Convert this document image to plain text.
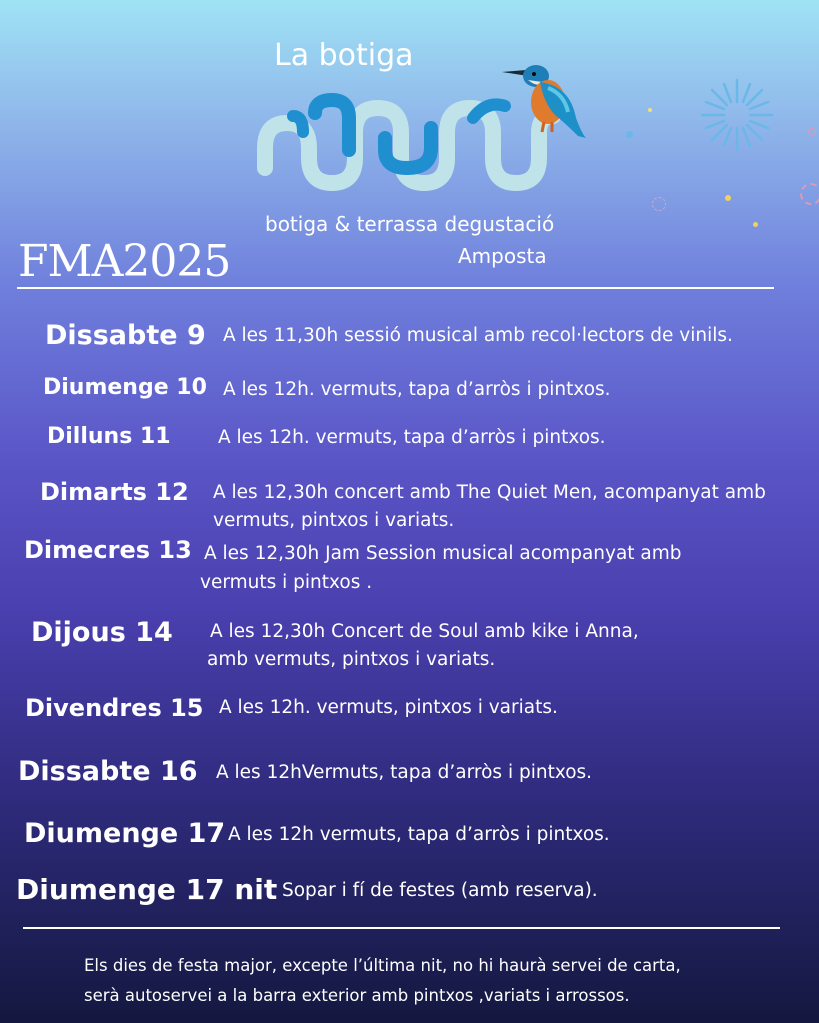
La botiga
botiga & terrassa degustació
Amposta
FMA2025
Dissabte 9 A les 11,30h sessió musical amb recol·lectors de vinils.
Diumenge 10 A les 12h. vermuts, tapa d’arròs i pintxos.
Dilluns 11	A les 12h. vermuts, tapa d’arròs i pintxos.
Dimarts 12 A les 12,30h concert amb The Quiet Men, acompanyat amb
vermuts, pintxos i variats.
Dimecres 13 A les 12,30h Jam Session musical acompanyat amb
vermuts i pintxos .
Dijous 14 A les 12,30h Concert de Soul amb kike i Anna,
amb vermuts, pintxos i variats.
Divendres 15 A les 12h. vermuts, pintxos i variats.
Dissabte 16 A les 12hVermuts, tapa d’arròs i pintxos.
Diumenge 17 A les 12h vermuts, tapa d’arròs i pintxos.
Diumenge 17 nit Sopar i fí de festes (amb reserva).
Els dies de festa major, excepte l’última nit, no hi haurà servei de carta,
serà autoservei a la barra exterior amb pintxos ,variats i arrossos.
